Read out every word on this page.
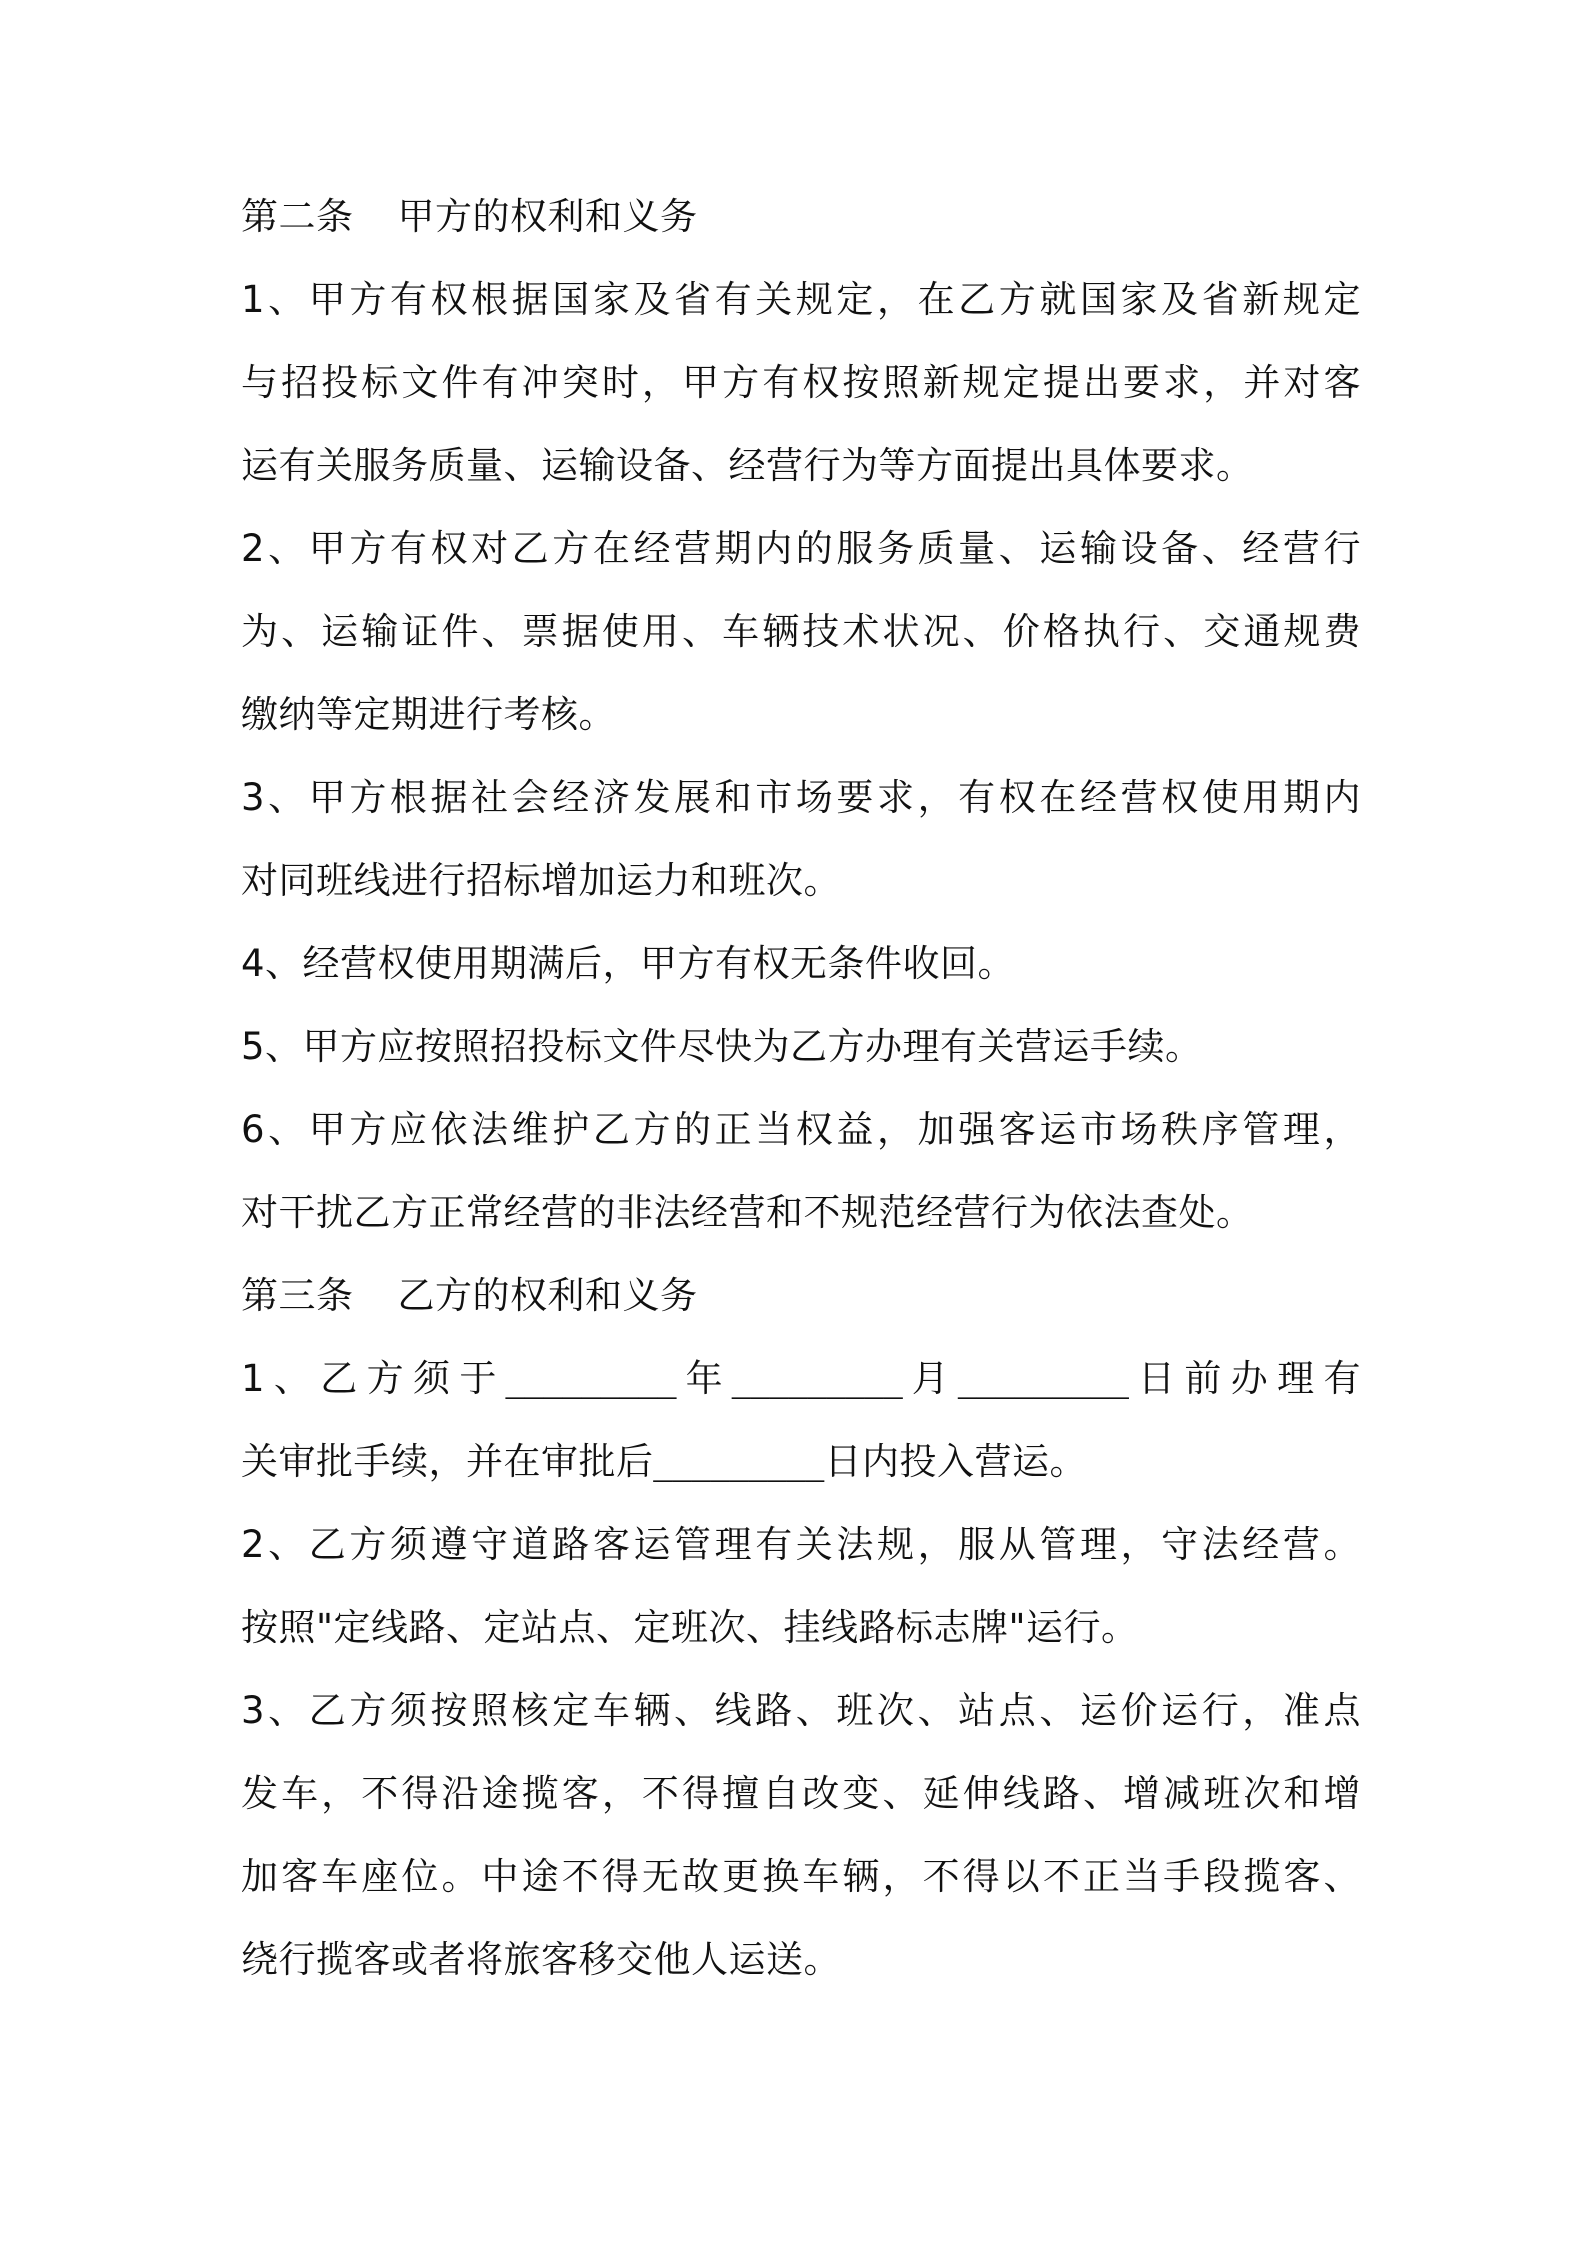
第二条 甲方的权利和义务
1、甲方有权根据国家及省有关规定，在乙方就国家及省新规定
与招投标文件有冲突时，甲方有权按照新规定提出要求，并对客
运有关服务质量、运输设备、经营行为等方面提出具体要求。
2、甲方有权对乙方在经营期内的服务质量、运输设备、经营行
为、运输证件、票据使用、车辆技术状况、价格执行、交通规费
缴纳等定期进行考核。
3、甲方根据社会经济发展和市场要求，有权在经营权使用期内
对同班线进行招标增加运力和班次。
4、经营权使用期满后，甲方有权无条件收回。
5、甲方应按照招投标文件尽快为乙方办理有关营运手续。
6、甲方应依法维护乙方的正当权益，加强客运市场秩序管理，
对干扰乙方正常经营的非法经营和不规范经营行为依法查处。
第三条 乙方的权利和义务
1、乙方须于_________年_________月_________日前办理有
关审批手续，并在审批后_________日内投入营运。
2、乙方须遵守道路客运管理有关法规，服从管理，守法经营。
按照"定线路、定站点、定班次、挂线路标志牌"运行。
3、乙方须按照核定车辆、线路、班次、站点、运价运行，准点
发车，不得沿途揽客，不得擅自改变、延伸线路、增减班次和增
加客车座位。中途不得无故更换车辆，不得以不正当手段揽客、
绕行揽客或者将旅客移交他人运送。
